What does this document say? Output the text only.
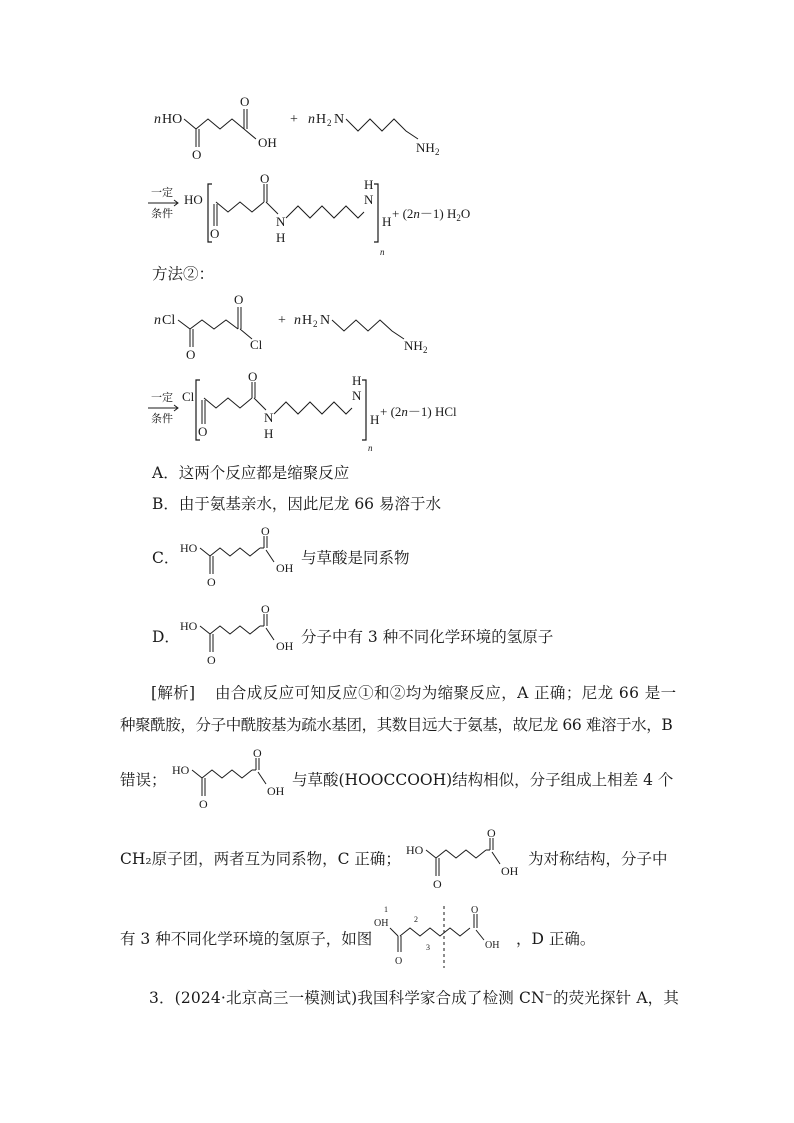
n HO
O
O
OH
+ n H 2 N
NH 2
一定
条件
HO
O
O
N
H
N
H
n
H
+ (2n－1) $H_2O$
方法②：
n Cl
O
O
Cl
+ n H 2 N
NH 2
一定
条件
Cl
O
O
N
H
N
H
n
H
+ (2n－1) HCl
A．这两个反应都是缩聚反应
B．由于氨基亲水，因此尼龙 66 易溶于水
C．
HO
O
O
OH
与草酸是同系物
D．
HO
O
O
OH 分子中有 3 种不同化学环境的氢原子
[解析] 由合成反应可知反应①和②均为缩聚反应，A 正确；尼龙 66 是一
种聚酰胺，分子中酰胺基为疏水基团，其数目远大于氨基，故尼龙 66 难溶于水，B
错误；
HO
O
O
OH
与草酸(HOOCCOOH)结构相似，分子组成上相差 4 个
CH₂原子团，两者互为同系物，C 正确； HO
O
O
OH
为对称结构，分子中
有 3 种不同化学环境的氢原子，如图
1
OH
O
2
3
O
OH ，D 正确。
3．(2024·北京高三一模测试)我国科学家合成了检测 CN⁻的荧光探针 A，其
